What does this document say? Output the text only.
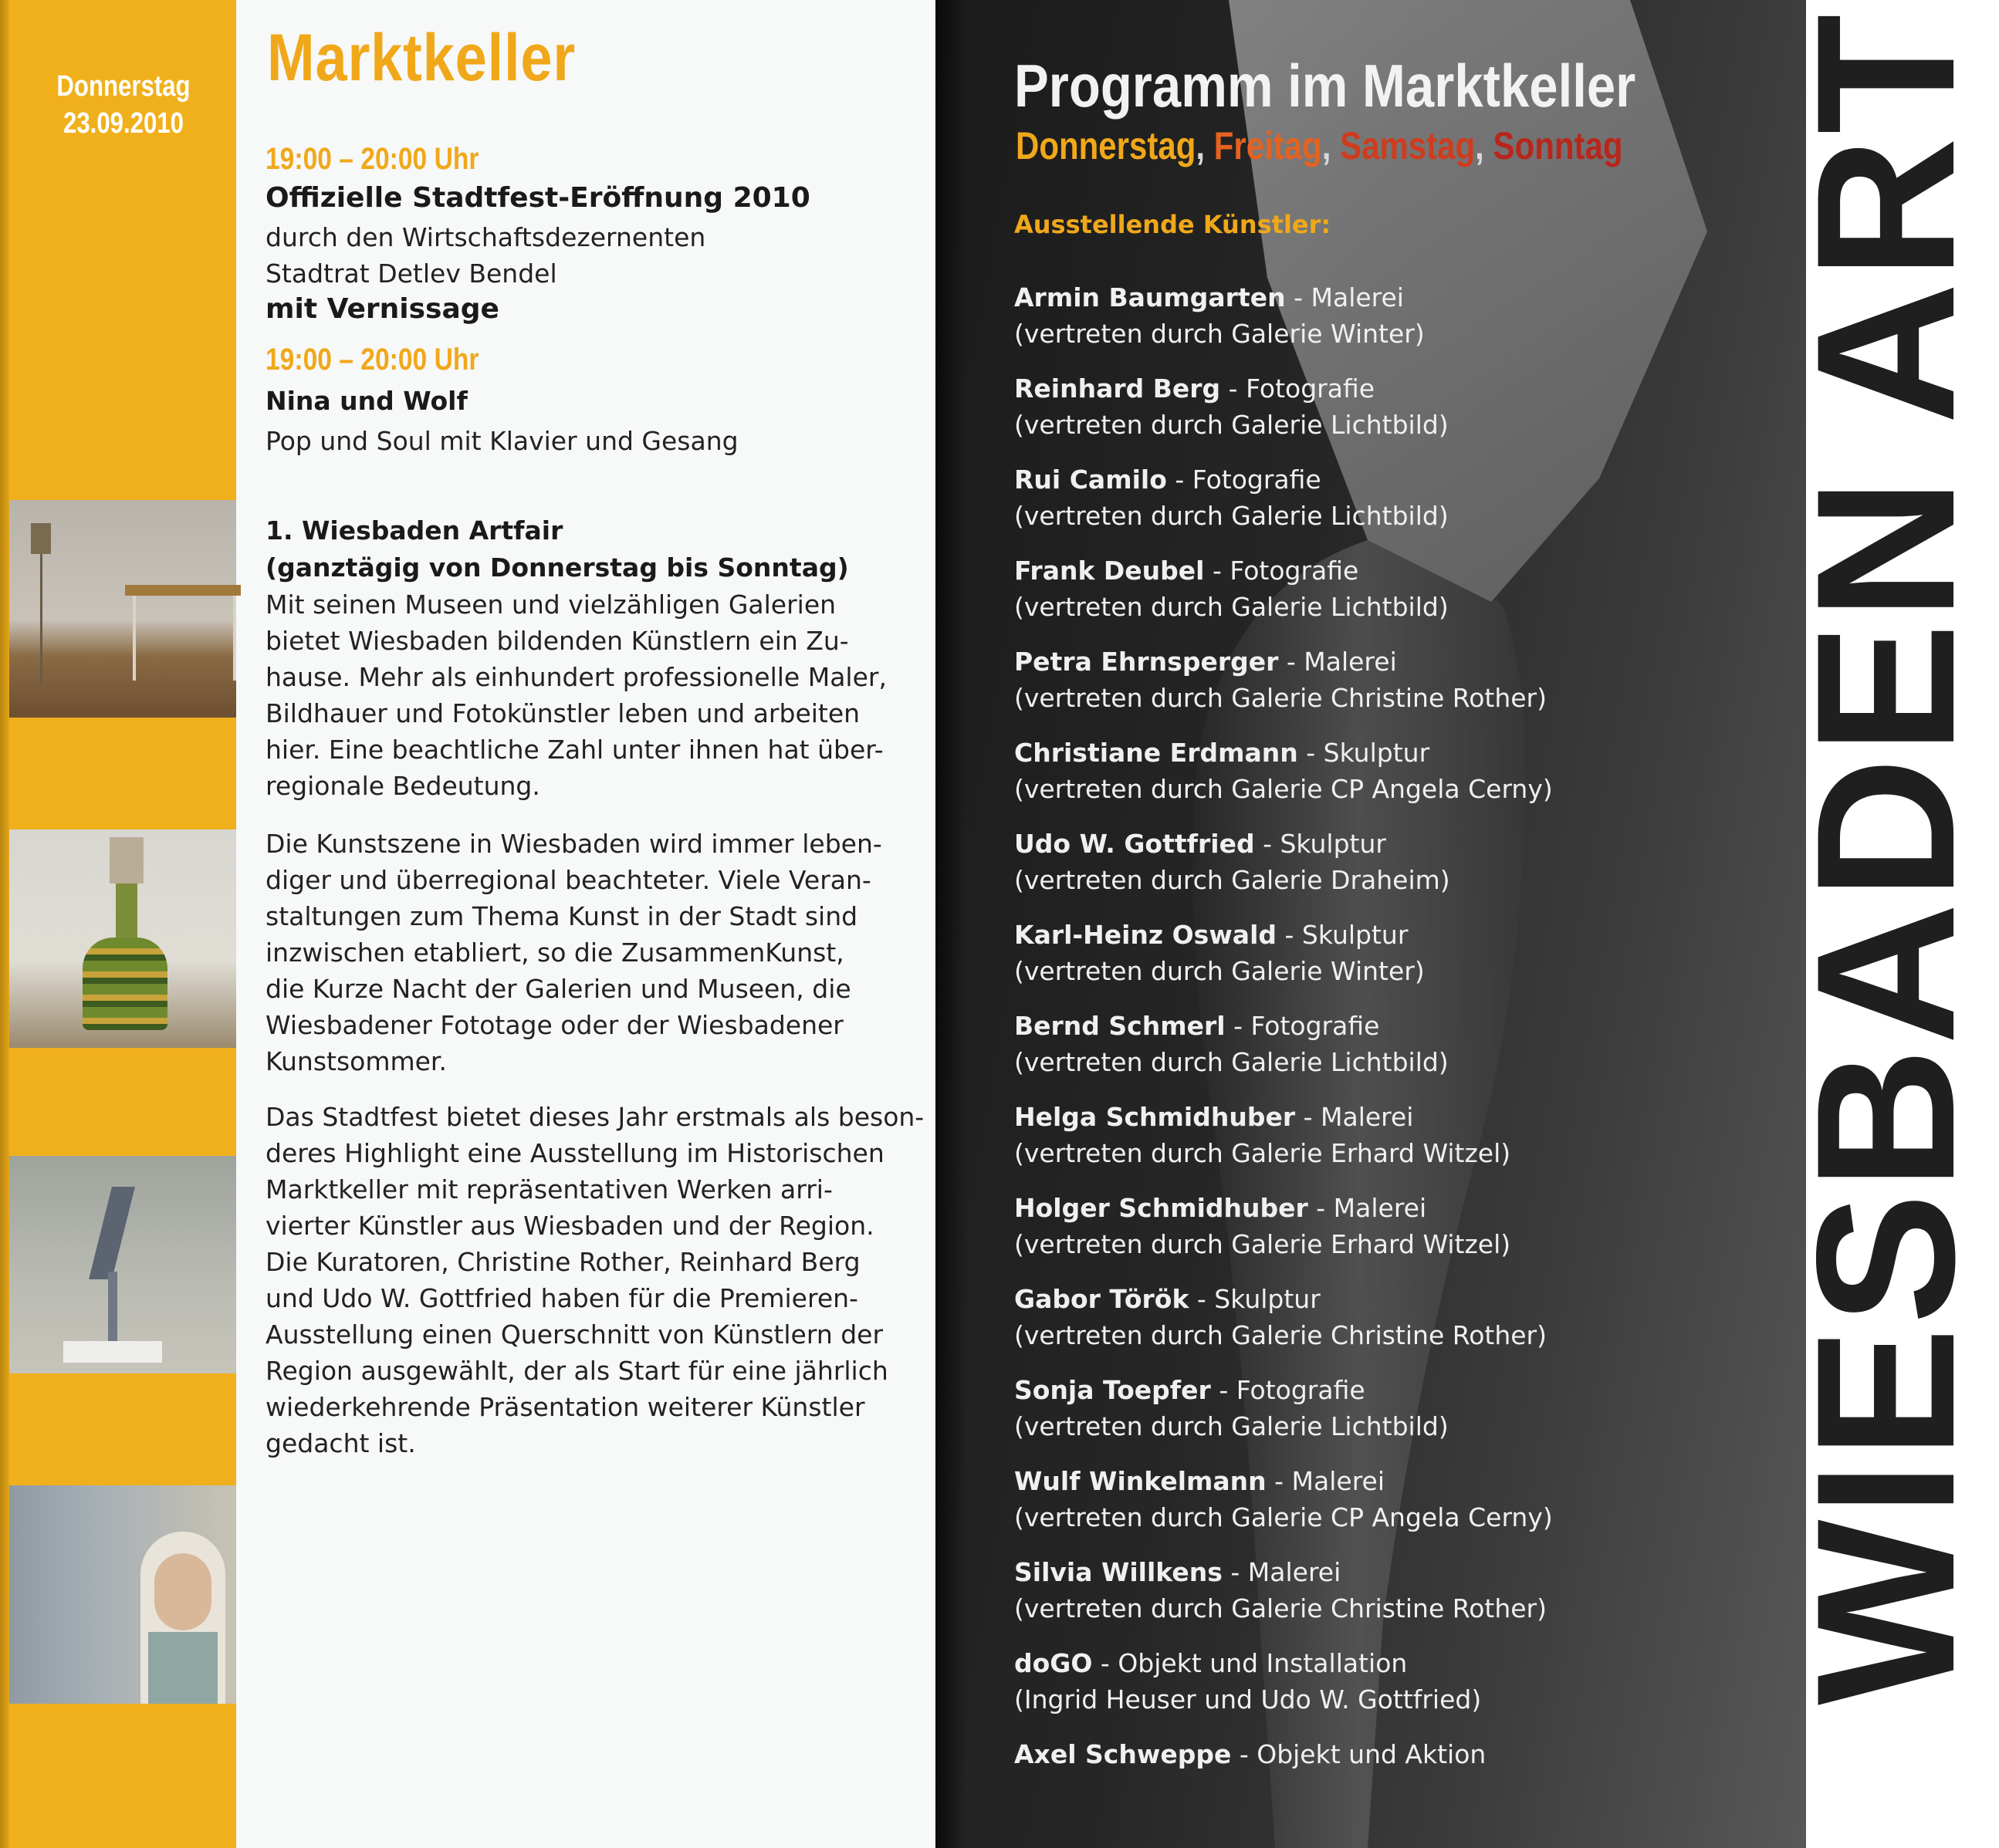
Donnerstag
23.09.2010
Marktkeller
19:00 – 20:00 Uhr
Offizielle Stadtfest-Eröffnung 2010
durch den Wirtschaftsdezernenten
Stadtrat Detlev Bendel
mit Vernissage
19:00 – 20:00 Uhr
Nina und Wolf
Pop und Soul mit Klavier und Gesang
1. Wiesbaden Artfair
(ganztägig von Donnerstag bis Sonntag)
Mit seinen Museen und vielzähligen Galerien
bietet Wiesbaden bildenden Künstlern ein Zu-
hause. Mehr als einhundert professionelle Maler,
Bildhauer und Fotokünstler leben und arbeiten
hier. Eine beachtliche Zahl unter ihnen hat über-
regionale Bedeutung.
Die Kunstszene in Wiesbaden wird immer leben-
diger und überregional beachteter. Viele Veran-
staltungen zum Thema Kunst in der Stadt sind
inzwischen etabliert, so die ZusammenKunst,
die Kurze Nacht der Galerien und Museen, die
Wiesbadener Fototage oder der Wiesbadener
Kunstsommer.
Das Stadtfest bietet dieses Jahr erstmals als beson-
deres Highlight eine Ausstellung im Historischen
Marktkeller mit repräsentativen Werken arri-
vierter Künstler aus Wiesbaden und der Region.
Die Kuratoren, Christine Rother, Reinhard Berg
und Udo W. Gottfried haben für die Premieren-
Ausstellung einen Querschnitt von Künstlern der
Region ausgewählt, der als Start für eine jährlich
wiederkehrende Präsentation weiterer Künstler
gedacht ist.	WIESBADEN ART
Programm im Marktkeller
Donnerstag, Freitag, Samstag, Sonntag
Ausstellende Künstler:
Armin Baumgarten - Malerei
(vertreten durch Galerie Winter)
Reinhard Berg - Fotografie
(vertreten durch Galerie Lichtbild)
Rui Camilo - Fotografie
(vertreten durch Galerie Lichtbild)
Frank Deubel - Fotografie
(vertreten durch Galerie Lichtbild)
Petra Ehrnsperger - Malerei
(vertreten durch Galerie Christine Rother)
Christiane Erdmann - Skulptur
(vertreten durch Galerie CP Angela Cerny)
Udo W. Gottfried - Skulptur
(vertreten durch Galerie Draheim)
Karl-Heinz Oswald - Skulptur
(vertreten durch Galerie Winter)
Bernd Schmerl - Fotografie
(vertreten durch Galerie Lichtbild)
Helga Schmidhuber - Malerei
(vertreten durch Galerie Erhard Witzel)
Holger Schmidhuber - Malerei
(vertreten durch Galerie Erhard Witzel)
Gabor Török - Skulptur
(vertreten durch Galerie Christine Rother)
Sonja Toepfer - Fotografie
(vertreten durch Galerie Lichtbild)
Wulf Winkelmann - Malerei
(vertreten durch Galerie CP Angela Cerny)
Silvia Willkens - Malerei
(vertreten durch Galerie Christine Rother)
doGO - Objekt und Installation
(Ingrid Heuser und Udo W. Gottfried)
Axel Schweppe - Objekt und Aktion
